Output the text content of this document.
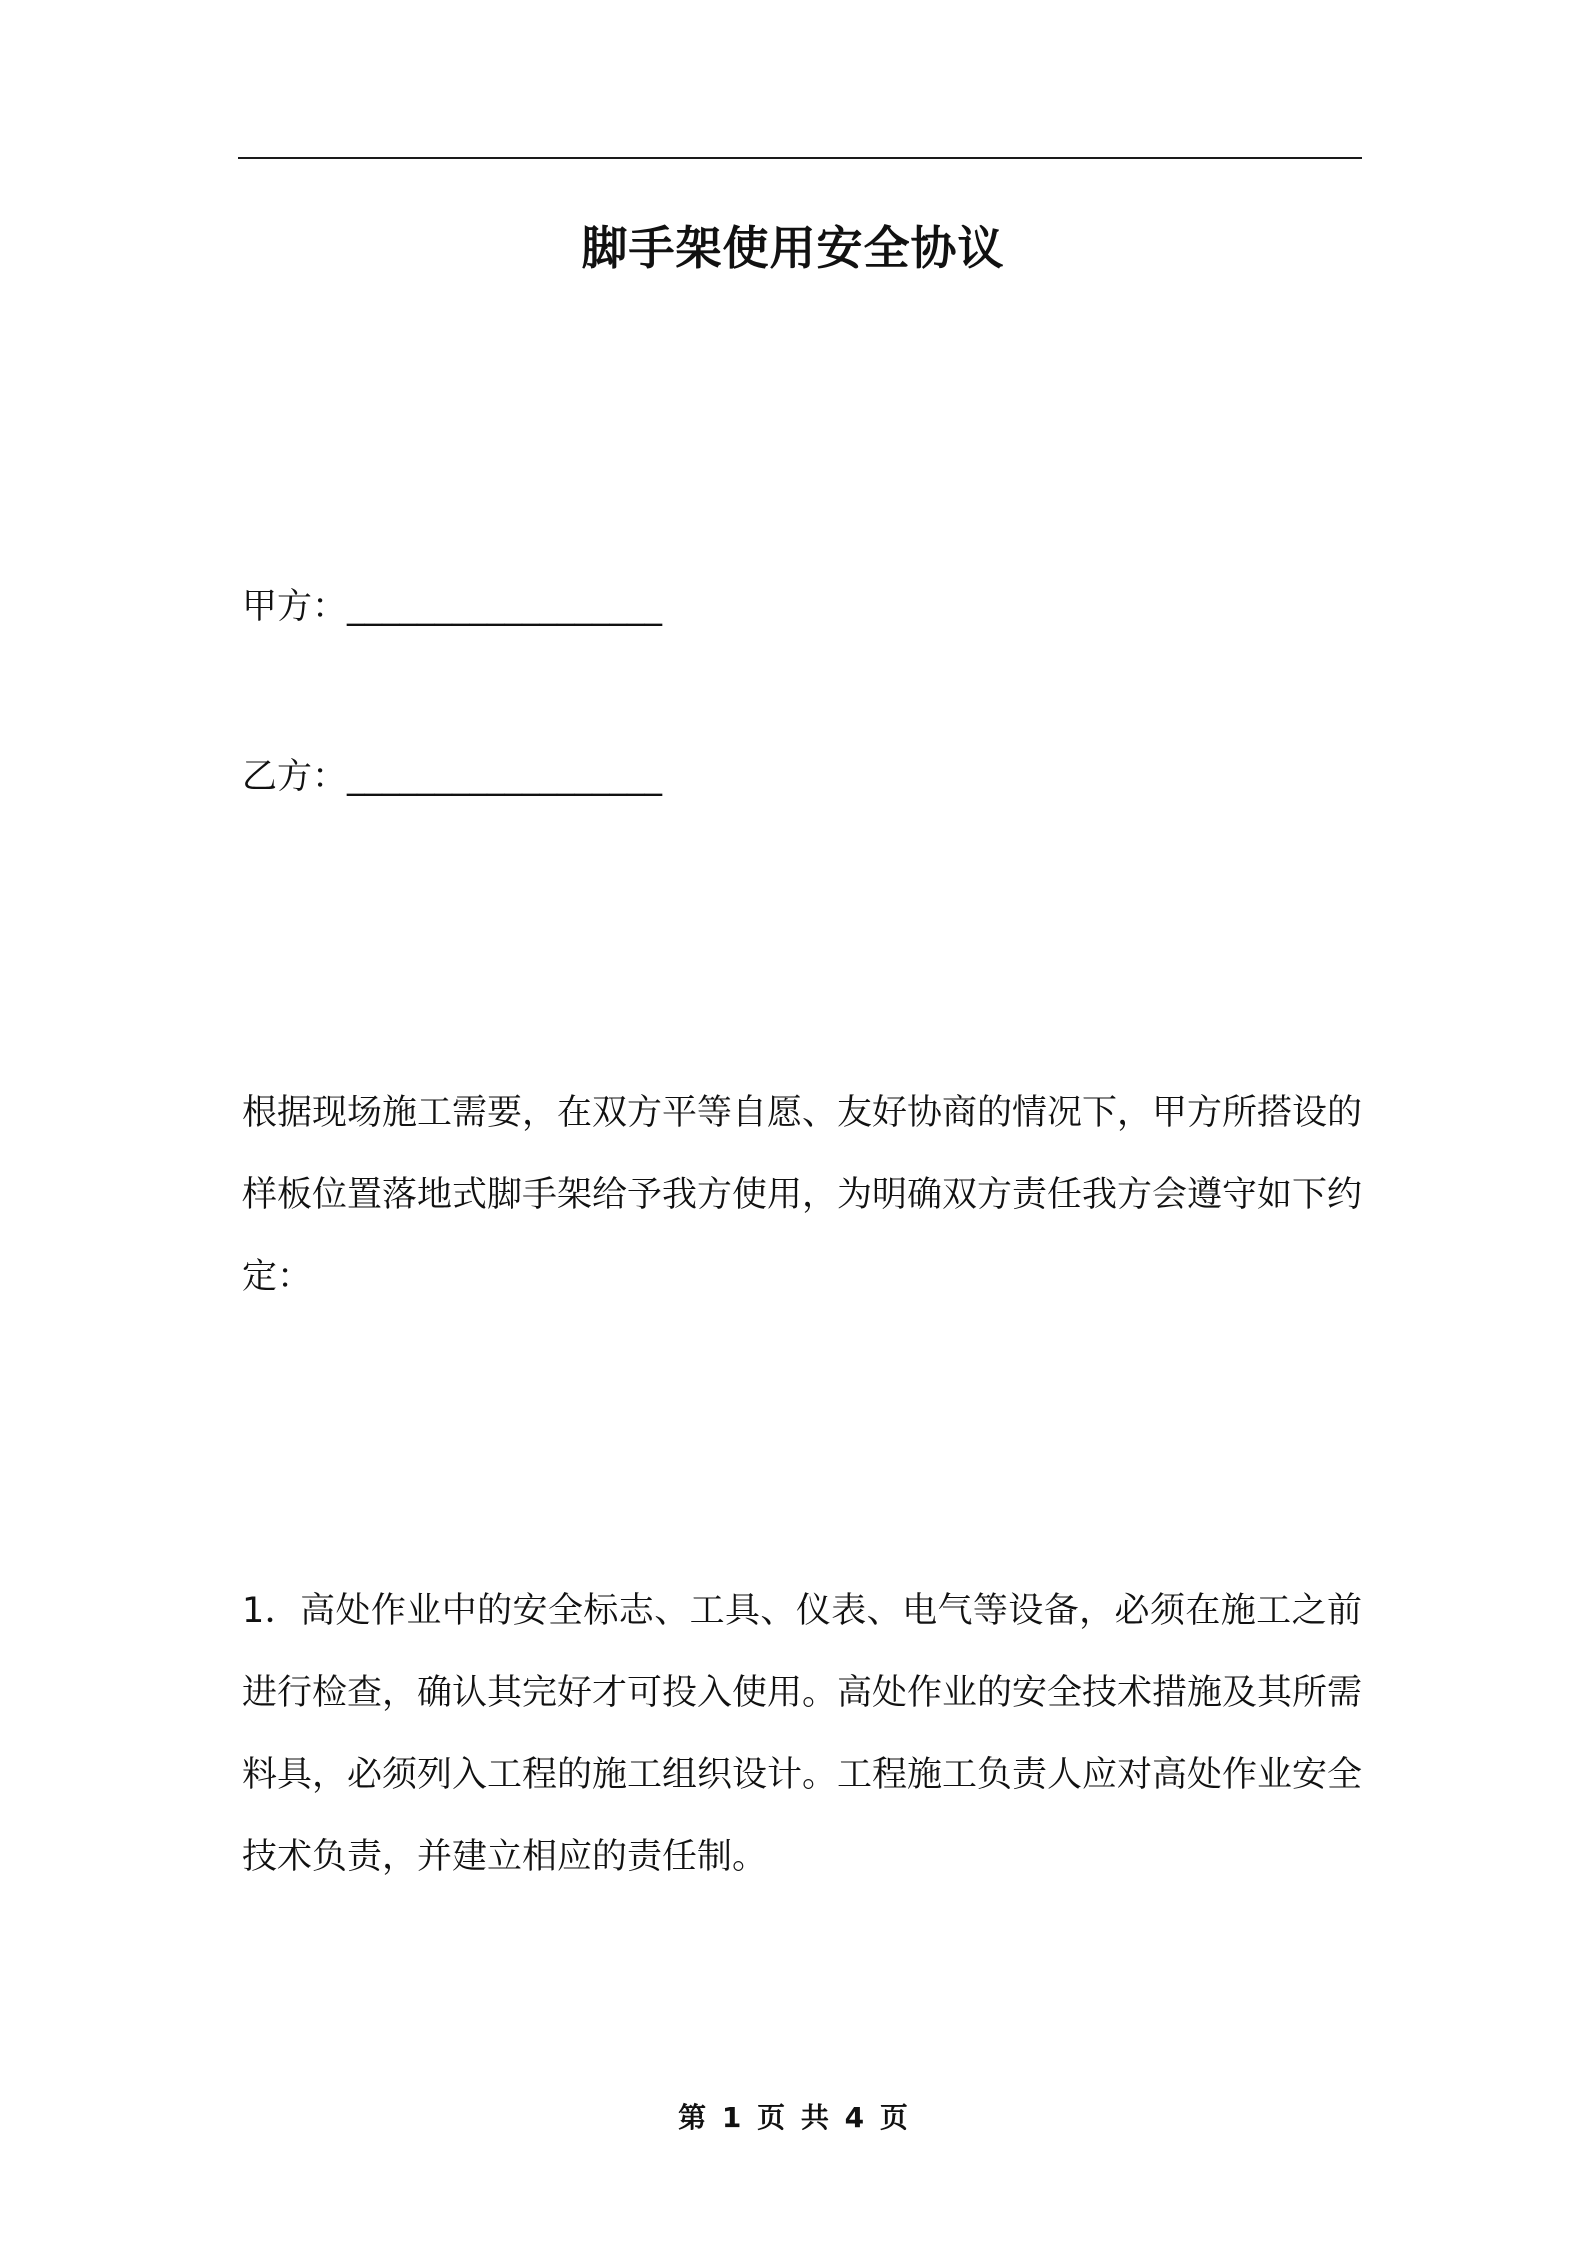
脚手架使用安全协议
甲方：__________________
乙方：__________________

根据现场施工需要，在双方平等自愿、友好协商的情况下，甲方所搭设的样板位置落地式脚手架给予我方使用，为明确双方责任我方会遵守如下约定：

1．高处作业中的安全标志、工具、仪表、电气等设备，必须在施工之前进行检查，确认其完好才可投入使用。高处作业的安全技术措施及其所需料具，必须列入工程的施工组织设计。工程施工负责人应对高处作业安全技术负责，并建立相应的责任制。

第 1 页 共 4 页
